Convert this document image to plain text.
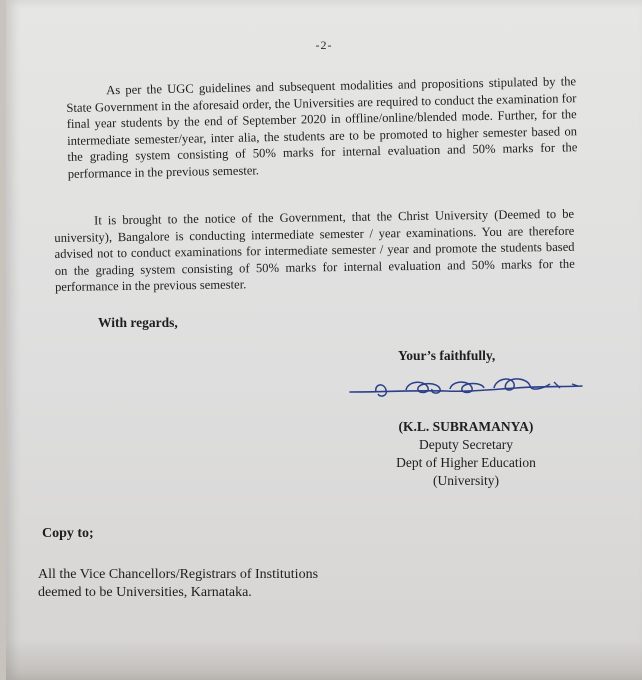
-2-

As per the UGC guidelines and subsequent modalities and propositions stipulated by the State Government in the aforesaid order, the Universities are required to conduct the examination for final year students by the end of September 2020 in offline/online/blended mode. Further, for the intermediate semester/year, inter alia, the students are to be promoted to higher semester based on the grading system consisting of 50% marks for internal evaluation and 50% marks for the performance in the previous semester.

It is brought to the notice of the Government, that the Christ University (Deemed to be university), Bangalore is conducting intermediate semester / year examinations. You are therefore advised not to conduct examinations for intermediate semester / year and promote the students based on the grading system consisting of 50% marks for internal evaluation and 50% marks for the performance in the previous semester.

With regards,
Your’s faithfully,
(K.L. SUBRAMANYA)
Deputy Secretary
Dept of Higher Education
(University)
Copy to;
All the Vice Chancellors/Registrars of Institutions
deemed to be Universities, Karnataka.
